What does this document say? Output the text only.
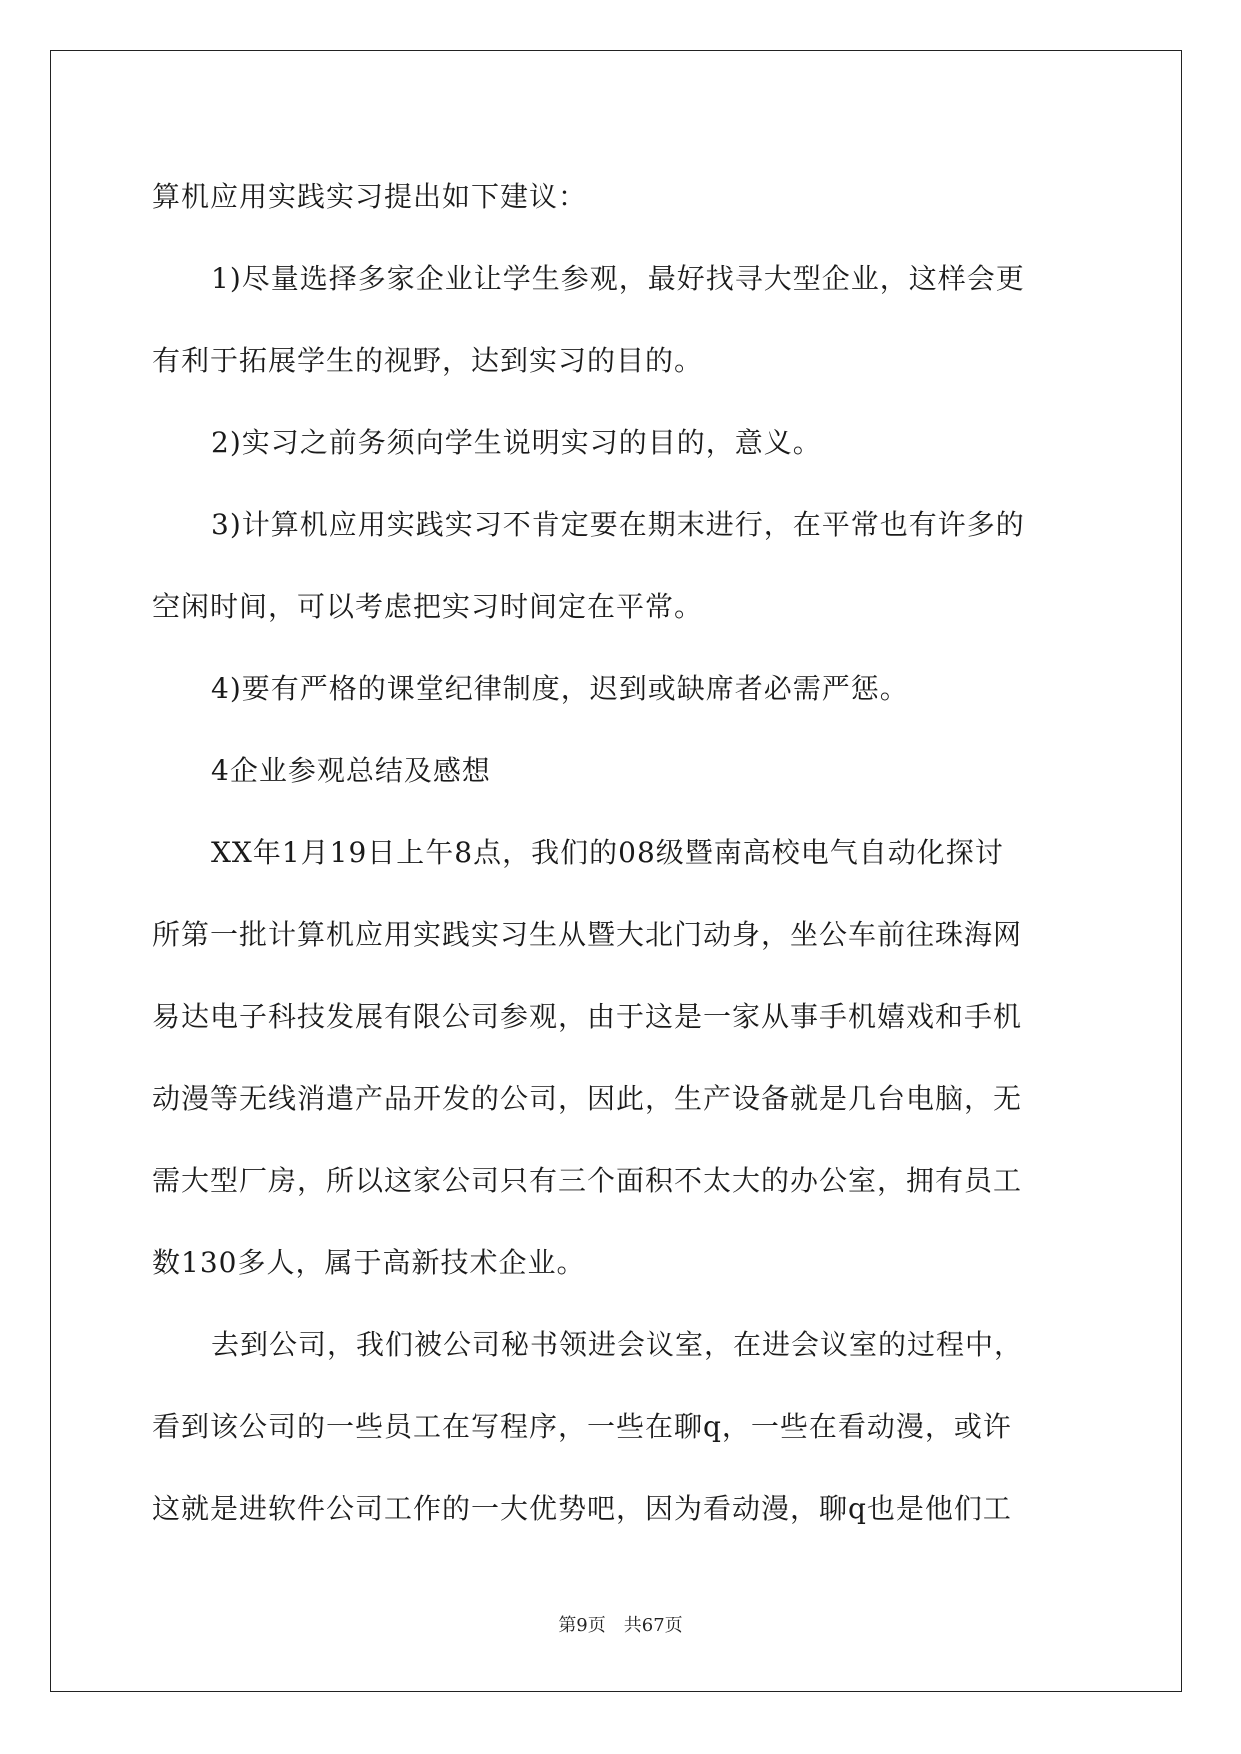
算机应用实践实习提出如下建议：

1)尽量选择多家企业让学生参观，最好找寻大型企业，这样会更

有利于拓展学生的视野，达到实习的目的。

2)实习之前务须向学生说明实习的目的，意义。

3)计算机应用实践实习不肯定要在期末进行，在平常也有许多的

空闲时间，可以考虑把实习时间定在平常。

4)要有严格的课堂纪律制度，迟到或缺席者必需严惩。

4企业参观总结及感想

XX年1月19日上午8点，我们的08级暨南高校电气自动化探讨

所第一批计算机应用实践实习生从暨大北门动身，坐公车前往珠海网

易达电子科技发展有限公司参观，由于这是一家从事手机嬉戏和手机

动漫等无线消遣产品开发的公司，因此，生产设备就是几台电脑，无

需大型厂房，所以这家公司只有三个面积不太大的办公室，拥有员工

数130多人，属于高新技术企业。

去到公司，我们被公司秘书领进会议室，在进会议室的过程中，

看到该公司的一些员工在写程序，一些在聊q，一些在看动漫，或许

这就是进软件公司工作的一大优势吧，因为看动漫，聊q也是他们工

第9页 共67页
